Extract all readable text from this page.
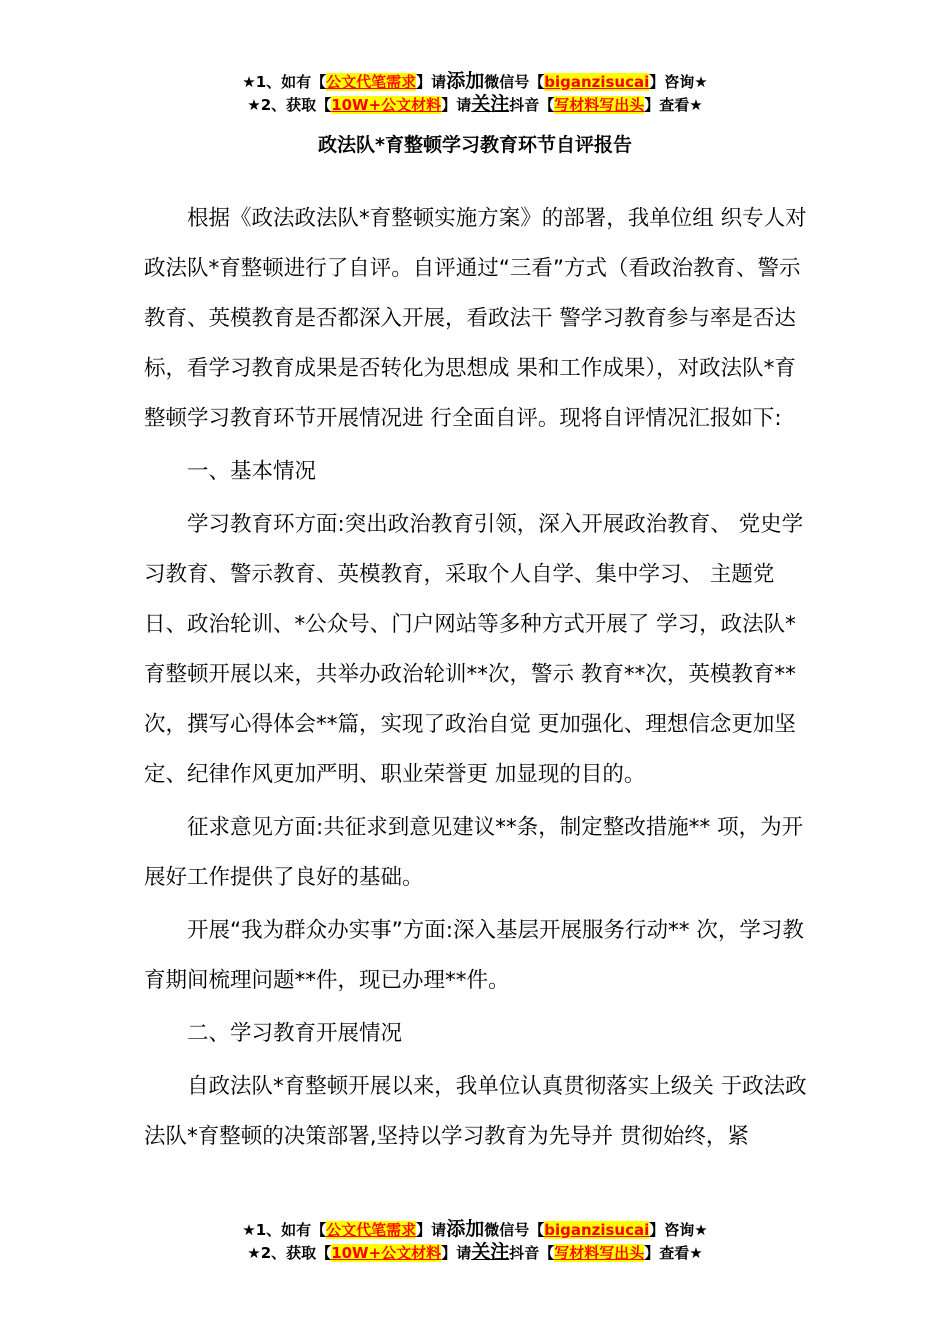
★1、如有【公文代笔需求】请添加微信号【biganzisucai】咨询★
★2、获取【10W+公文材料】请关注抖音【写材料写出头】查看★
政法队*育整顿学习教育环节自评报告

根据《政法政法队*育整顿实施方案》的部署，我单位组 织专人对政法队*育整顿进行了自评。自评通过“三看”方式（看政治教育、警示教育、英模教育是否都深入开展，看政法干 警学习教育参与率是否达标，看学习教育成果是否转化为思想成 果和工作成果），对政法队*育整顿学习教育环节开展情况进 行全面自评。现将自评情况汇报如下:

一、基本情况

学习教育环方面:突出政治教育引领，深入开展政治教育、 党史学习教育、警示教育、英模教育，采取个人自学、集中学习、 主题党日、政治轮训、*公众号、门户网站等多种方式开展了 学习，政法队*育整顿开展以来，共举办政治轮训**次，警示 教育**次，英模教育**次，撰写心得体会**篇，实现了政治自觉 更加强化、理想信念更加坚定、纪律作风更加严明、职业荣誉更 加显现的目的。

征求意见方面:共征求到意见建议**条，制定整改措施** 项，为开展好工作提供了良好的基础。

开展“我为群众办实事”方面:深入基层开展服务行动** 次，学习教育期间梳理问题**件，现已办理**件。

二、学习教育开展情况

自政法队*育整顿开展以来，我单位认真贯彻落实上级关 于政法政法队*育整顿的决策部署,坚持以学习教育为先导并 贯彻始终，紧

★1、如有【公文代笔需求】请添加微信号【biganzisucai】咨询★
★2、获取【10W+公文材料】请关注抖音【写材料写出头】查看★
